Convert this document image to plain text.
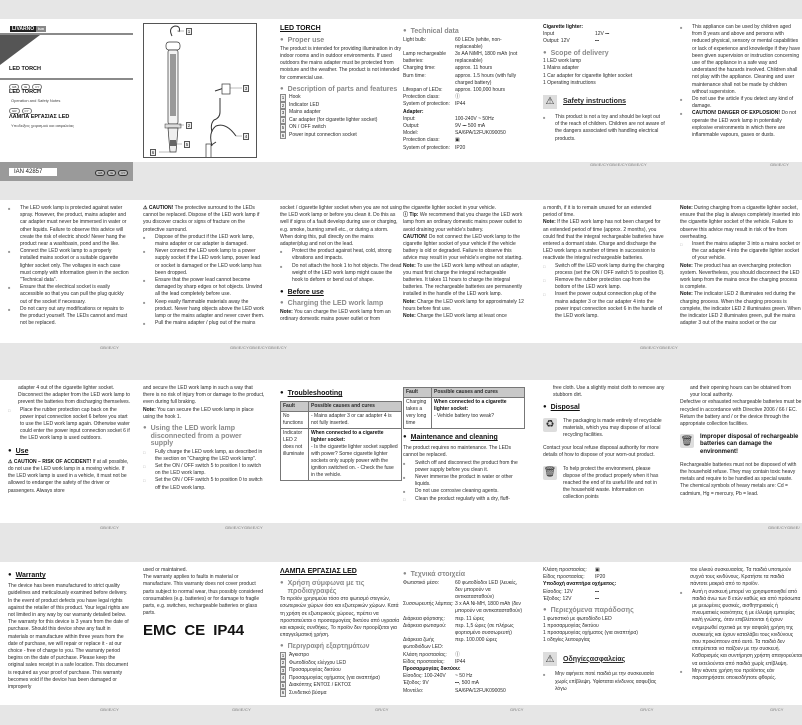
LIVARNO	lux
LED TORCH
GB	IE	CY
LED TORCH
Operation and Safety Notes
GR	CY
ΛΑΜΠΑ ΕΡΓΑΣΙΑΣ LED
Υποδείξεις χειρισμού και ασφαλείας
1
2
3
4
5
6
LED TORCH
● Proper use
The product is intended for providing illumination in dry indoor rooms and in outdoor environments. If used outdoors the mains adapter must be protected from moisture and the weather. The product is not intended for commercial use.
● Description of parts and features
1 Hook
2 Indicator LED
3 Mains adapter
4 Car adapter (for cigarette lighter socket)
5 ON / OFF switch
6 Power input connection socket
● Technical data
Light bulb:	60 LEDs (white, non-replaceable)
Lamp rechargeable batteries:
3x AA NiMH, 1800 mAh (not replaceable)
Charging time:	approx. 11 hours
Burn time:	approx. 1.5 hours (with fully charged battery)
Lifespan of LEDs:	approx. 100,000 hours
Protection class:	Ⓘ
System of protection:	IP44
Adapter:
Input:	100-240V ~ 50Hz
Output:	9V ⎓ 500 mA
Model:	SA/6PA/12FUK090050
Protection class:	▣
System of protection:	IP20
Cigarette lighter:
Input	12V ⎓
Output: 12V	⎓
● Scope of delivery
1 LED work lamp
1 Mains adapter
1 Car adapter for cigarette lighter socket
1 Operating instructions
⚠	Safety instructions
■	This product is not a toy and should be kept out of the reach of children. Children are not aware of the dangers associated with handling electrical products.
■	This appliance can be used by children aged from 8 years and above and persons with reduced physical, sensory or mental capabilities or lack of experience and knowledge if they have been given supervision or instruction concerning use of the appliance in a safe way and understand the hazards involved. Children shall not play with the appliance. Cleaning and user maintenance shall not be made by children without supervision.
■	Do not use the article if you detect any kind of damage.
■	CAUTION! DANGER OF EXPLOSION! Do not operate the LED work lamp in potentially explosive environments in which there are inflammable vapours, gases or dusts.
GB/IE/CYGB/IE/CYGB/IE/CY	GB/IE/CY
■	The LED work lamp is protected against water spray. However, the product, mains adapter and car adapter must never be immersed in water or other liquids. Failure to observe this advice will create the risk of electric shock! Never hang the product near a washbasin, pond and the like.
■	Connect the LED work lamp to a properly installed mains socket or a suitable cigarette lighter socket only. The voltages in each case must comply with information given in the section "Technical data".
■	Ensure that the electrical socket is easily accessible so that you can pull the plug quickly out of the socket if necessary.
■	Do not carry out any modifications or repairs to the product yourself. The LEDs cannot and must not be replaced.
⚠ CAUTION! The protective surround to the LEDs cannot be replaced. Dispose of the LED work lamp if you discover cracks or signs of fracture on the protective surround.
■	Dispose of the product if the LED work lamp, mains adapter or car adapter is damaged.
■	Never connect the LED work lamp to a power supply socket if the LED work lamp, power lead or socket is damaged or the LED work lamp has been dropped.
■	Ensure that the power lead cannot become damaged by sharp edges or hot objects. Unwind all the lead completely before use.
■	Keep easily flammable materials away the product. Never hang objects above the LED work lamp or the mains adapter and never cover them.
■	Pull the mains adapter / plug out of the mains
socket / cigarette lighter socket when you are not using the LED work lamp or before you clean it. Do this as well if signs of a fault develop during use or charging, e.g. smoke, burning smell etc., or during a storm. When doing this, pull directly on the mains adapter/plug and not on the lead.
■	Protect the product against heat, cold, strong vibrations and impacts.
■	Do not attach the hook 1 to hot objects. The dead weight of the LED work lamp might cause the hook to deform or bend out of shape.
● Before use
● Charging the LED work lamp
Note: You can charge the LED work lamp from an ordinary domestic mains power outlet or from
the cigarette lighter socket in your vehicle.
ⓘ Tip: We recommend that you charge the LED work lamp from an ordinary domestic mains power outlet to avoid draining your vehicle's battery.
CAUTION! Do not connect the LED work lamp to the cigarette lighter socket of your vehicle if the vehicle battery is old or degraded. Failure to observe this advice may result in your vehicle's engine not starting.
Note: To use the LED work lamp without an adapter, you must first charge the integral rechargeable batteries. It takes 11 hours to charge the integral batteries. The rechargeable batteries are permanently installed in the handle of the LED work lamp.
Note: Charge the LED work lamp for approximately 12 hours before first use.
Note: Charge the LED work lamp at least once
a month, if it is to remain unused for an extended period of time.
Note: If the LED work lamp has not been charged for an extended period of time (approx. 2 months), you could find that the integral rechargeable batteries have entered a dormant state. Charge and discharge the LED work lamp a number of times in succession to reactivate the integral rechargeable batteries.
□	Switch off the LED work lamp during the charging process (set the ON / OFF switch 5 to position 0).
□	Remove the rubber protection cap from the bottom of the LED work lamp.
□	Insert the power output connection plug of the mains adapter 3 or the car adapter 4 into the power input connection socket 6 in the handle of the LED work lamp.
Note: During charging from a cigarette lighter socket, ensure that the plug is always completely inserted into the cigarette lighter socket of the vehicle. Failure to observe this advice may result in risk of fire from overheating.
□	Insert the mains adapter 3 into a mains socket or the car adapter 4 into the cigarette lighter socket of your vehicle.
Note: The product has an overcharging protection system. Nevertheless, you should disconnect the LED work lamp from the mains once the charging process is complete.
Note: The indicator LED 2 illuminates red during the charging process. When the charging process is complete, the indicator LED 2 illuminates green. When the indicator LED 2 illuminates green, pull the mains adapter 3 out of the mains socket or the car
GB/IE/CY	GB/IE/CYGB/IE/CYGB/IE/CY	GB/IE/CYGB/IE/CY
adapter 4 out of the cigarette lighter socket. Disconnect the adapter from the LED work lamp to prevent the batteries from discharging themselves.
□	Place the rubber protection cap back on the power input connection socket 6 before you start to use the LED work lamp again. Otherwise water could enter the power input connection socket 6 if the LED work lamp is used outdoors.
● Use
⚠ CAUTION – RISK OF ACCIDENT! If at all possible, do not use the LED work lamp in a moving vehicle. If the LED work lamp is used in a vehicle, it must not be allowed to endanger the safety of the driver or passengers. Always store
and secure the LED work lamp in such a way that there is no risk of injury from or damage to the product, even during full braking.
Note: You can secure the LED work lamp in place using the hook 1.
● Using the LED work lamp disconnected from a power supply
□	Fully charge the LED work lamp, as described in the section on "Charging the LED work lamp".
□	Set the ON / OFF switch 5 to position I to switch on the LED work lamp.
□	Set the ON / OFF switch 5 to position 0 to switch off the LED work lamp.
● Troubleshooting
Fault	Possible causes and cures
No functions	- Mains adapter 3 or car adapter 4 is not fully inserted.
Indicator LED 2 does not illuminate	When connected to a cigarette lighter socket:
- Is the cigarette lighter socket supplied with power? Some cigarette lighter sockets only supply power with the ignition switched on. - Check the fuse in the vehicle.
Fault	Possible causes and cures
Charging takes a very long time	When connected to a cigarette lighter socket:
- Vehicle battery too weak?
● Maintenance and cleaning
The product requires no maintenance. The LEDs cannot be replaced.
■	Switch off and disconnect the product from the power supply before you clean it.
■	Never immerse the product in water or other liquids.
■	Do not use corrosive cleaning agents.
□	Clean the product regularly with a dry, fluff-
free cloth. Use a slightly moist cloth to remove any stubborn dirt.
● Disposal
♻	The packaging is made entirely of recyclable materials, which you may dispose of at local recycling facilities.
Contact your local refuse disposal authority for more details of how to dispose of your worn-out product.
🗑 To help protect the environment, please dispose of the product properly when it has reached the end of its useful life and not in the household waste. Information on collection points
and their opening hours can be obtained from your local authority.
Defective or exhausted rechargeable batteries must be recycled in accordance with Directive 2006 / 66 / EC. Return the battery and / or the device through the appropriate collection facilities.
🗑 Improper disposal of rechargeable batteries can damage the environment!
Rechargeable batteries must not be disposed of with the household refuse. They may contain toxic heavy metals and require to be handled as special waste. The chemical symbols of heavy metals are: Cd = cadmium, Hg = mercury, Pb = lead.
GB/IE/CY	GB/IE/CYGB/IE/CY	GB/IE/CYGB/IE/
● Warranty
The device has been manufactured to strict quality guidelines and meticulously examined before delivery. In the event of product defects you have legal rights against the retailer of this product. Your legal rights are not limited in any way by our warranty detailed below.
The warranty for this device is 3 years from the date of purchase. Should this device show any fault in materials or manufacture within three years from the date of purchase, we will repair or replace it - at our choice - free of charge to you. The warranty period begins on the date of purchase. Please keep the original sales receipt in a safe location. This document is required as your proof of purchase. This warranty becomes void if the device has been damaged or improperly
used or maintained.
The warranty applies to faults in material or manufacture. This warranty does not cover product parts subject to normal wear, thus possibly considered consumables (e.g. batteries) or for damage to fragile parts, e.g. switches, rechargeable batteries or glass parts.
EMC CE IP44
ΛΑΜΠΑ ΕΡΓΑΣΙΑΣ LED
● Χρήση σύμφωνα με τις προδιαγραφές
Το προϊόν χρησιμεύει τόσο στο φωτισμό στεγνών, εσωτερικών χώρων όσο και εξωτερικών χώρων. Κατά τη χρήση σε εξωτερικούς χώρους, πρέπει να προστατεύεται ο προσαρμογέας δικτύου από υγρασία και καιρικές συνθήκες. Το προϊόν δεν προορίζεται για επαγγελματική χρήση.
● Περιγραφή εξαρτημάτων
1 Άγκιστρο
2 Φωτοδίοδος ελέγχου LED
3 Προσαρμογέας δικτύου
4 Προσαρμογέας οχήματος (για αναπτήρα)
5 Διακόπτης ΕΝΤΟΣ / ΕΚΤΟΣ
6 Συνδετικό βύσμα
● Τεχνικά στοιχεία
Φωτιστικό μέσο:	60 φωτοδίοδοι LED (λευκές, δεν μπορούν να αντικατασταθούν)
Συσσωρευτής λάμπας: 3 x AA Ni-MH, 1800 mAh (δεν μπορούν να αντικατασταθούν)
Διάρκεια φόρτισης:	περ. 11 ώρες
Διάρκεια φωτισμού:	περ. 1,5 ώρες (σε πλήρως φορτισμένο συσσωρευτή)
Διάρκεια ζωής φωτοδιόδων LED:
περ. 100.000 ώρες
Κλάση προστασίας:	Ⓘ
Είδος προστασίας:	IP44
Προσαρμογέας δικτύου:
Είσοδος: 100-240V	~ 50 Hz
Έξοδος: 9V	⎓, 500 mA
Μοντέλο:	SA/6PA/12FUK090050
Κλάση προστασίας:	▣
Είδος προστασίας:	IP20
Υποδοχή αναπτήρα οχήματος:
Είσοδος: 12V	⎓
Έξοδος: 12V	⎓
● Περιεχόμενα παράδοσης
1 φωτιστικό με φωτοδίοδο LED
1 προσαρμογέας δικτύου
1 προσαρμογέας οχήματος (για αναπτήρα)
1 οδηγίες λειτουργίας
⚠	Οδηγίεςασφαλείας
■	Μην αφήνετε ποτέ παιδιά με την συσκευασία χωρίς επίβλεψη. Υφίσταται κίνδυνος ασφυξίας λόγω
του υλικού συσκευασίας. Τα παιδιά υποτιμούν συχνά τους κινδύνους. Κρατήστε τα παιδιά πάντοτε μακριά από το προϊόν.
■	Αυτή η συσκευή μπορεί να χρησιμοποιηθεί από παιδιά άνω των 8 ετών καθώς και από πρόσωπα με μειωμένες φυσικές, αισθητηριακές ή πνευματικές ικανότητες ή με έλλειψη εμπειρίας και/ή γνώσης, όταν επιβλέπονται ή έχουν ενημερωθεί σχετικά με την ασφαλή χρήση της συσκευής και έχουν καταλάβει τους κινδύνους που προκύπτουν από αυτό. Τα παιδιά δεν επιτρέπεται να παίζουν με την συσκευή. Καθαρισμός και συντήρηση χρήστη απαγορεύεται να εκτελούνται από παιδιά χωρίς επίβλεψη.
■	Μην κάνετε χρήση του προϊόντος εάν παρατηρήσατε οποιεσδήποτε φθορές.
GB/IE/CY	GB/IE/CY	GR/CY	GR/CY	GR/CY	GR/CY
IAN 42857	GB	IE	CY
